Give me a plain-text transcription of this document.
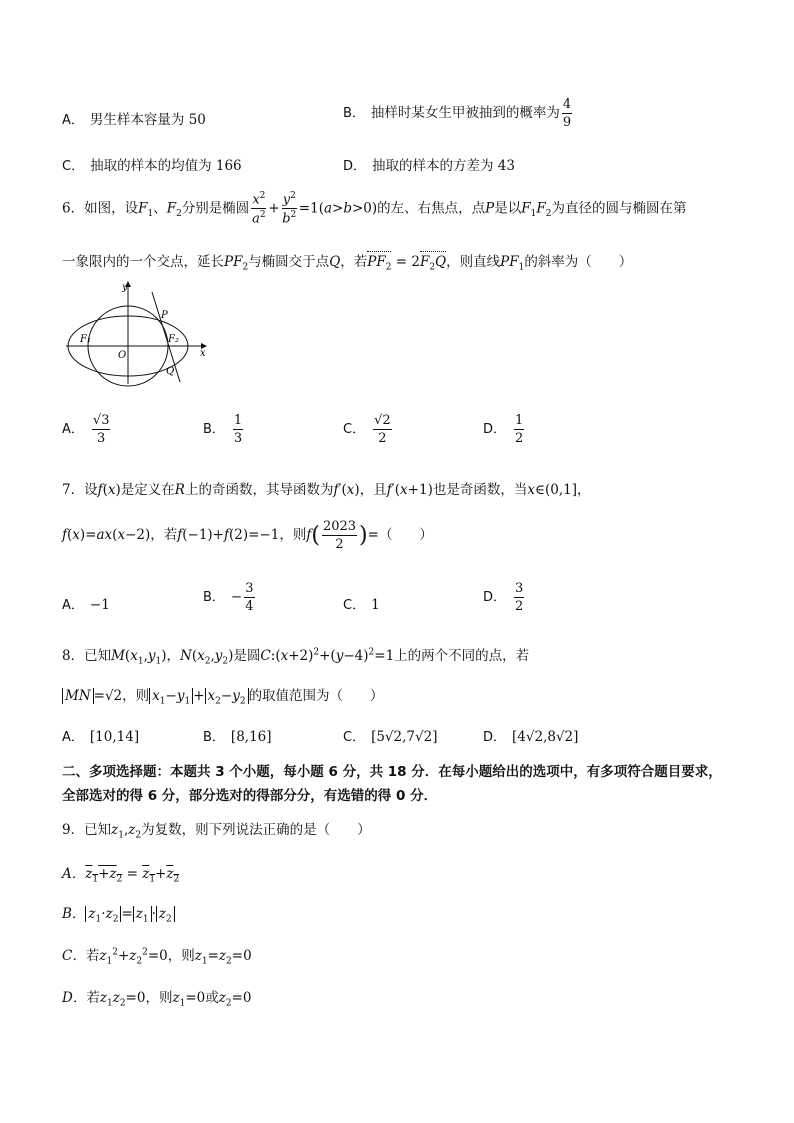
A． 男生样本容量为 50	B． 抽样时某女生甲被抽到的概率为 $\frac{4}{9}$
C． 抽取的样本的均值为 166	D． 抽取的样本的方差为 43
6．如图，设$F_1$、$F_2$分别是椭圆 $\frac{x^2}{a^2} + \frac{y^2}{b^2} =1(a>b>0)$的左、右焦点，点P是以$F_1F_2$为直径的圆与椭圆在第
一象限内的一个交点，延长$PF_2$与椭圆交于点Q，若$PF_2 = 2F_2Q$，则直线$PF_1$的斜率为（　　）
y
x
O
F₁	F₂
P
Q
A． $\frac{√3}{3}$	B． $\frac{1}{3}$	C． $\frac{√2}{2}$	D． $\frac{1}{2}$
7．设f(x)是定义在R上的奇函数，其导函数为f′(x)，且f′(x+1)也是奇函数，当x∈(0,1]，
f(x)=ax(x−2)，若f(−1)+f(2)=−1，则$f( \frac{2023}{2}$ )=（　　）
A． −1	B． − $\frac{3}{4}$	C． 1	D． $\frac{3}{2}$
8．已知$M(x_1,y_1)$，$N(x_2,y_2)$是圆$C:(x+2)^2+(y-4)^2=1$上的两个不同的点，若
MN =√2，则 $x_1-y_1 + x_2-y_2$ 的取值范围为（　　）
A． [10,14]	B． [8,16]	C． [5√2,7√2]	D． [4√2,8√2]
二、多项选择题：本题共 3 个小题，每小题 6 分，共 18 分．在每小题给出的选项中，有多项符合题目要求，全部选对的得 6 分，部分选对的得部分分，有选错的得 0 分．
9．已知$z_1,z_2$为复数，则下列说法正确的是（　　）
A．$z_1+z_2 = z_1+z_2$
B． $z_1\cdot z_2 = z_1 \cdot z_2$
C．若$z_1^2+z_2^2=0$，则$z_1=z_2=0$
D．若$z_1z_2=0$，则$z_1=0$或$z_2=0$
